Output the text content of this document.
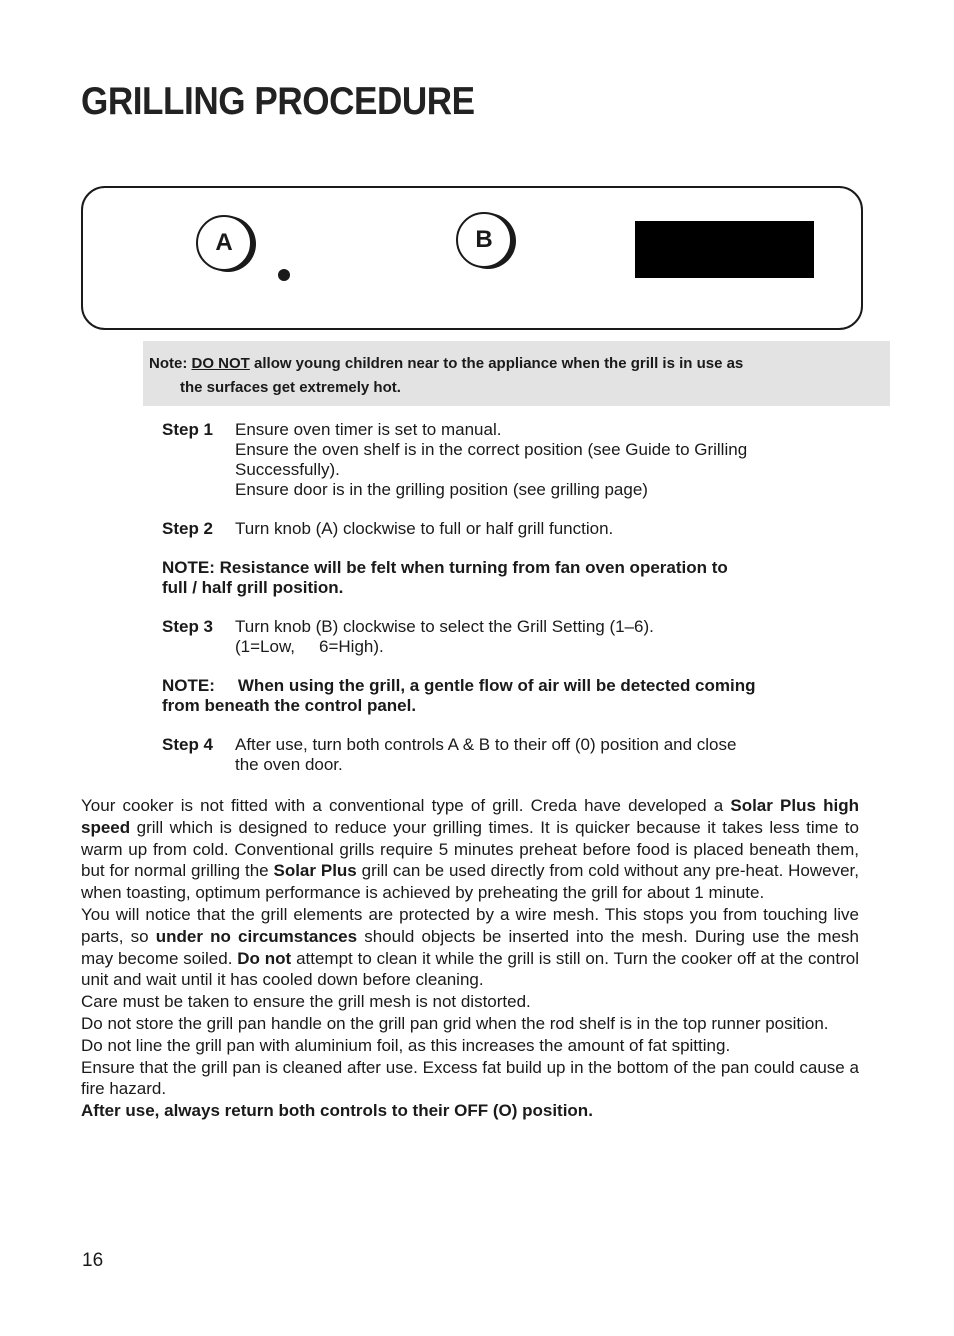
GRILLING PROCEDURE
A	B
Note: DO NOT allow young children near to the appliance when the grill is in use as
the surfaces get extremely hot.
Step 1	Ensure oven timer is set to manual.
Ensure the oven shelf is in the correct position (see Guide to Grilling
Successfully).
Ensure door is in the grilling position (see grilling page)
Step 2	Turn knob (A) clockwise to full or half grill function.
NOTE: Resistance will be felt when turning from fan oven operation to
full / half grill position.
Step 3	Turn knob (B) clockwise to select the Grill Setting (1–6).
(1=Low, 6=High).
NOTE: When using the grill, a gentle flow of air will be detected coming
from beneath the control panel.
Step 4	After use, turn both controls A & B to their off (0) position and close
the oven door.

Your cooker is not fitted with a conventional type of grill. Creda have developed a Solar Plus high speed grill which is designed to reduce your grilling times. It is quicker because it takes less time to warm up from cold. Conventional grills require 5 minutes preheat before food is placed beneath them, but for normal grilling the Solar Plus grill can be used directly from cold without any pre-heat. However, when toasting, optimum performance is achieved by preheating the grill for about 1 minute.

You will notice that the grill elements are protected by a wire mesh. This stops you from touching live parts, so under no circumstances should objects be inserted into the mesh. During use the mesh may become soiled. Do not attempt to clean it while the grill is still on. Turn the cooker off at the control unit and wait until it has cooled down before cleaning.

Care must be taken to ensure the grill mesh is not distorted.

Do not store the grill pan handle on the grill pan grid when the rod shelf is in the top runner position.

Do not line the grill pan with aluminium foil, as this increases the amount of fat spitting.

Ensure that the grill pan is cleaned after use. Excess fat build up in the bottom of the pan could cause a fire hazard.

After use, always return both controls to their OFF (O) position.

16
